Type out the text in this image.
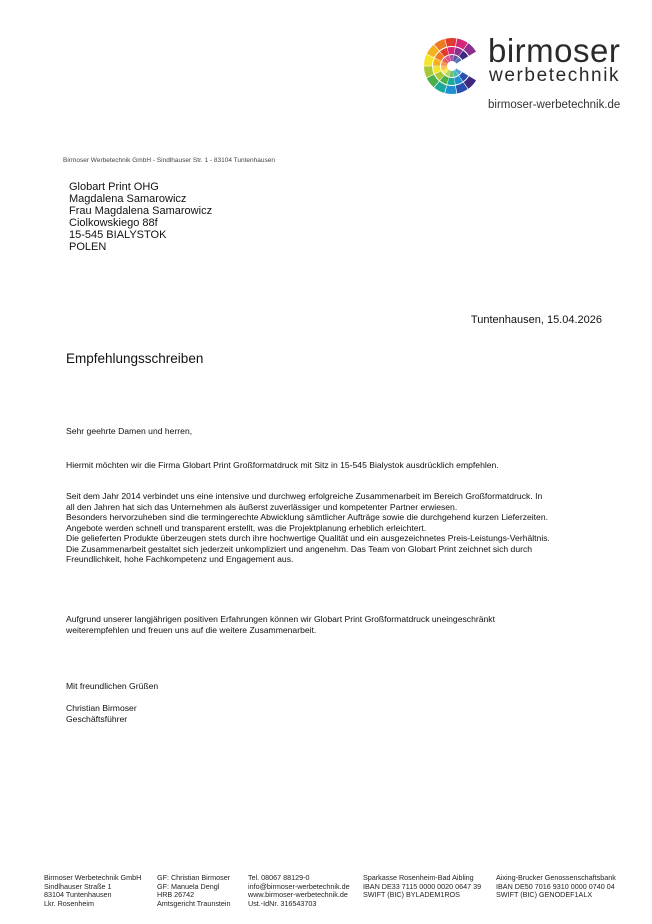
birmoser
werbetechnik
birmoser-werbetechnik.de
Birmoser Werbetechnik GmbH - Sindlhauser Str. 1 - 83104 Tuntenhausen
Globart Print OHG
Magdalena Samarowicz
Frau Magdalena Samarowicz
Ciolkowskiego 88f
15-545 BIALYSTOK
POLEN
Tuntenhausen, 15.04.2026
Empfehlungsschreiben
Sehr geehrte Damen und herren,

Hiermit möchten wir die Firma Globart Print Großformatdruck mit Sitz in 15-545 Bialystok ausdrücklich empfehlen.

Seit dem Jahr 2014 verbindet uns eine intensive und durchweg erfolgreiche Zusammenarbeit im Bereich Großformatdruck. In all den Jahren hat sich das Unternehmen als äußerst zuverlässiger und kompetenter Partner erwiesen.

Besonders hervorzuheben sind die termingerechte Abwicklung sämtlicher Aufträge sowie die durchgehend kurzen Lieferzeiten. Angebote werden schnell und transparent erstellt, was die Projektplanung erheblich erleichtert.

Die gelieferten Produkte überzeugen stets durch ihre hochwertige Qualität und ein ausgezeichnetes Preis-Leistungs-Verhältnis.

Die Zusammenarbeit gestaltet sich jederzeit unkompliziert und angenehm. Das Team von Globart Print zeichnet sich durch Freundlichkeit, hohe Fachkompetenz und Engagement aus.

Aufgrund unserer langjährigen positiven Erfahrungen können wir Globart Print Großformatdruck uneingeschränkt weiterempfehlen und freuen uns auf die weitere Zusammenarbeit.

Mit freundlichen Grüßen
Christian Birmoser
Geschäftsführer
Birmoser Werbetechnik GmbH
Sindlhauser Straße 1
83104 Tuntenhausen
Lkr. Rosenheim
GF: Christian Birmoser
GF: Manuela Dengl
HRB 26742
Amtsgericht Traunstein
Tel. 08067 88129-0
info@birmoser-werbetechnik.de
www.birmoser-werbetechnik.de
Ust.-IdNr. 316543703
Sparkasse Rosenheim-Bad Aibling
IBAN DE33 7115 0000 0020 0647 39
SWIFT (BIC) BYLADEM1ROS
Aixing-Brucker Genossenschaftsbank
IBAN DE50 7016 9310 0000 0740 04
SWIFT (BIC) GENODEF1ALX
